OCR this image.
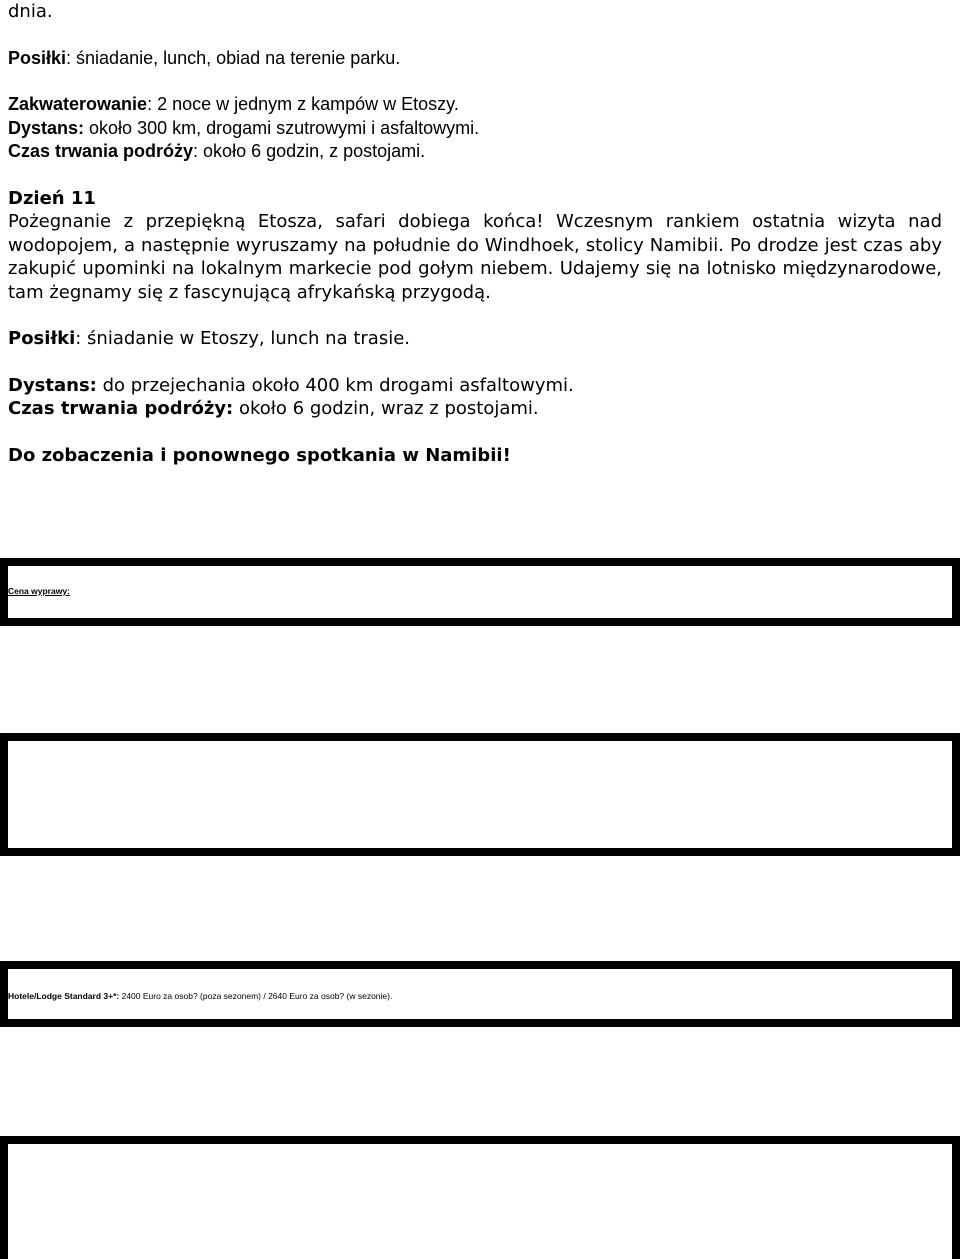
dnia.

Posiłki: śniadanie, lunch, obiad na terenie parku.

Zakwaterowanie: 2 noce w jednym z kampów w Etoszy.

Dystans: około 300 km, drogami szutrowymi i asfaltowymi.

Czas trwania podróży: około 6 godzin, z postojami.

Dzień 11

Pożegnanie z przepiękną Etosza, safari dobiega końca! Wczesnym rankiem ostatnia wizyta nad wodopojem, a następnie wyruszamy na południe do Windhoek, stolicy Namibii. Po drodze jest czas aby zakupić upominki na lokalnym markecie pod gołym niebem. Udajemy się na lotnisko międzynarodowe, tam żegnamy się z fascynującą afrykańską przygodą.

Posiłki: śniadanie w Etoszy, lunch na trasie.

Dystans: do przejechania około 400 km drogami asfaltowymi.

Czas trwania podróży: około 6 godzin, wraz z postojami.

Do zobaczenia i ponownego spotkania w Namibii!

Cena wyprawy:
Hotele/Lodge Standard 3+*: 2400 Euro za osob? (poza sezonem) / 2640 Euro za osob? (w sezonie).
